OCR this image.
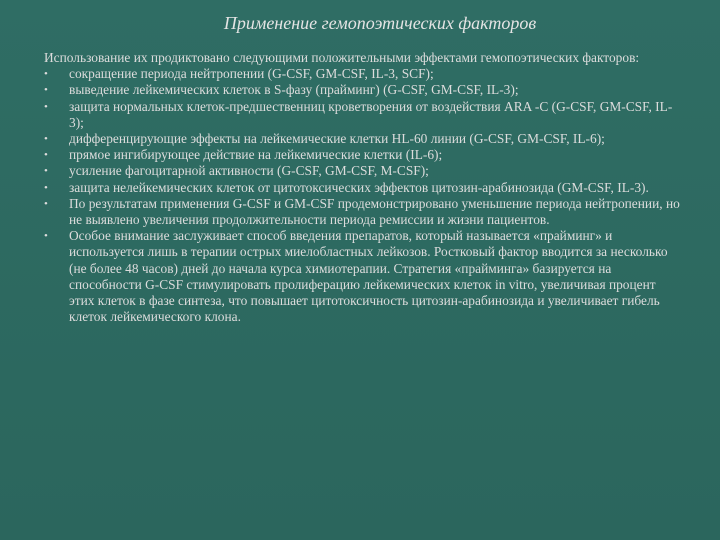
Применение гемопоэтических факторов

Использование их продиктовано следующими положительными эффектами гемопоэтических факторов:

•	сокращение периода нейтропении (G-CSF, GM-CSF, IL-3, SCF);
•	выведение лейкемических клеток в S-фазу (прайминг) (G-CSF, GM-CSF, IL-3);
•	защита нормальных клеток-предшественниц кроветворения от воздействия ARA -C (G-CSF, GM-CSF, IL-3);
•	дифференцирующие эффекты на лейкемические клетки HL-60 линии (G-CSF, GM-CSF, IL-6);
•	прямое ингибирующее действие на лейкемические клетки (IL-6);
•	усиление фагоцитарной активности (G-CSF, GM-CSF, M-CSF);
•	защита нелейкемических клеток от цитотоксических эффектов цитозин-арабинозида (GM-CSF, IL-3).
•	По результатам применения G-CSF и GM-CSF продемонстрировано уменьшение периода нейтропении, но не выявлено увеличения продолжительности периода ремиссии и жизни пациентов.
•	Особое внимание заслуживает способ введения препаратов, который называется «прайминг» и используется лишь в терапии острых миелобластных лейкозов. Ростковый фактор вводится за несколько (не более 48 часов) дней до начала курса химиотерапии. Стратегия «прайминга» базируется на способности G-CSF стимулировать пролиферацию лейкемических клеток in vitro, увеличивая процент этих клеток в фазе синтеза, что повышает цитотоксичность цитозин-арабинозида и увеличивает гибель клеток лейкемического клона.
